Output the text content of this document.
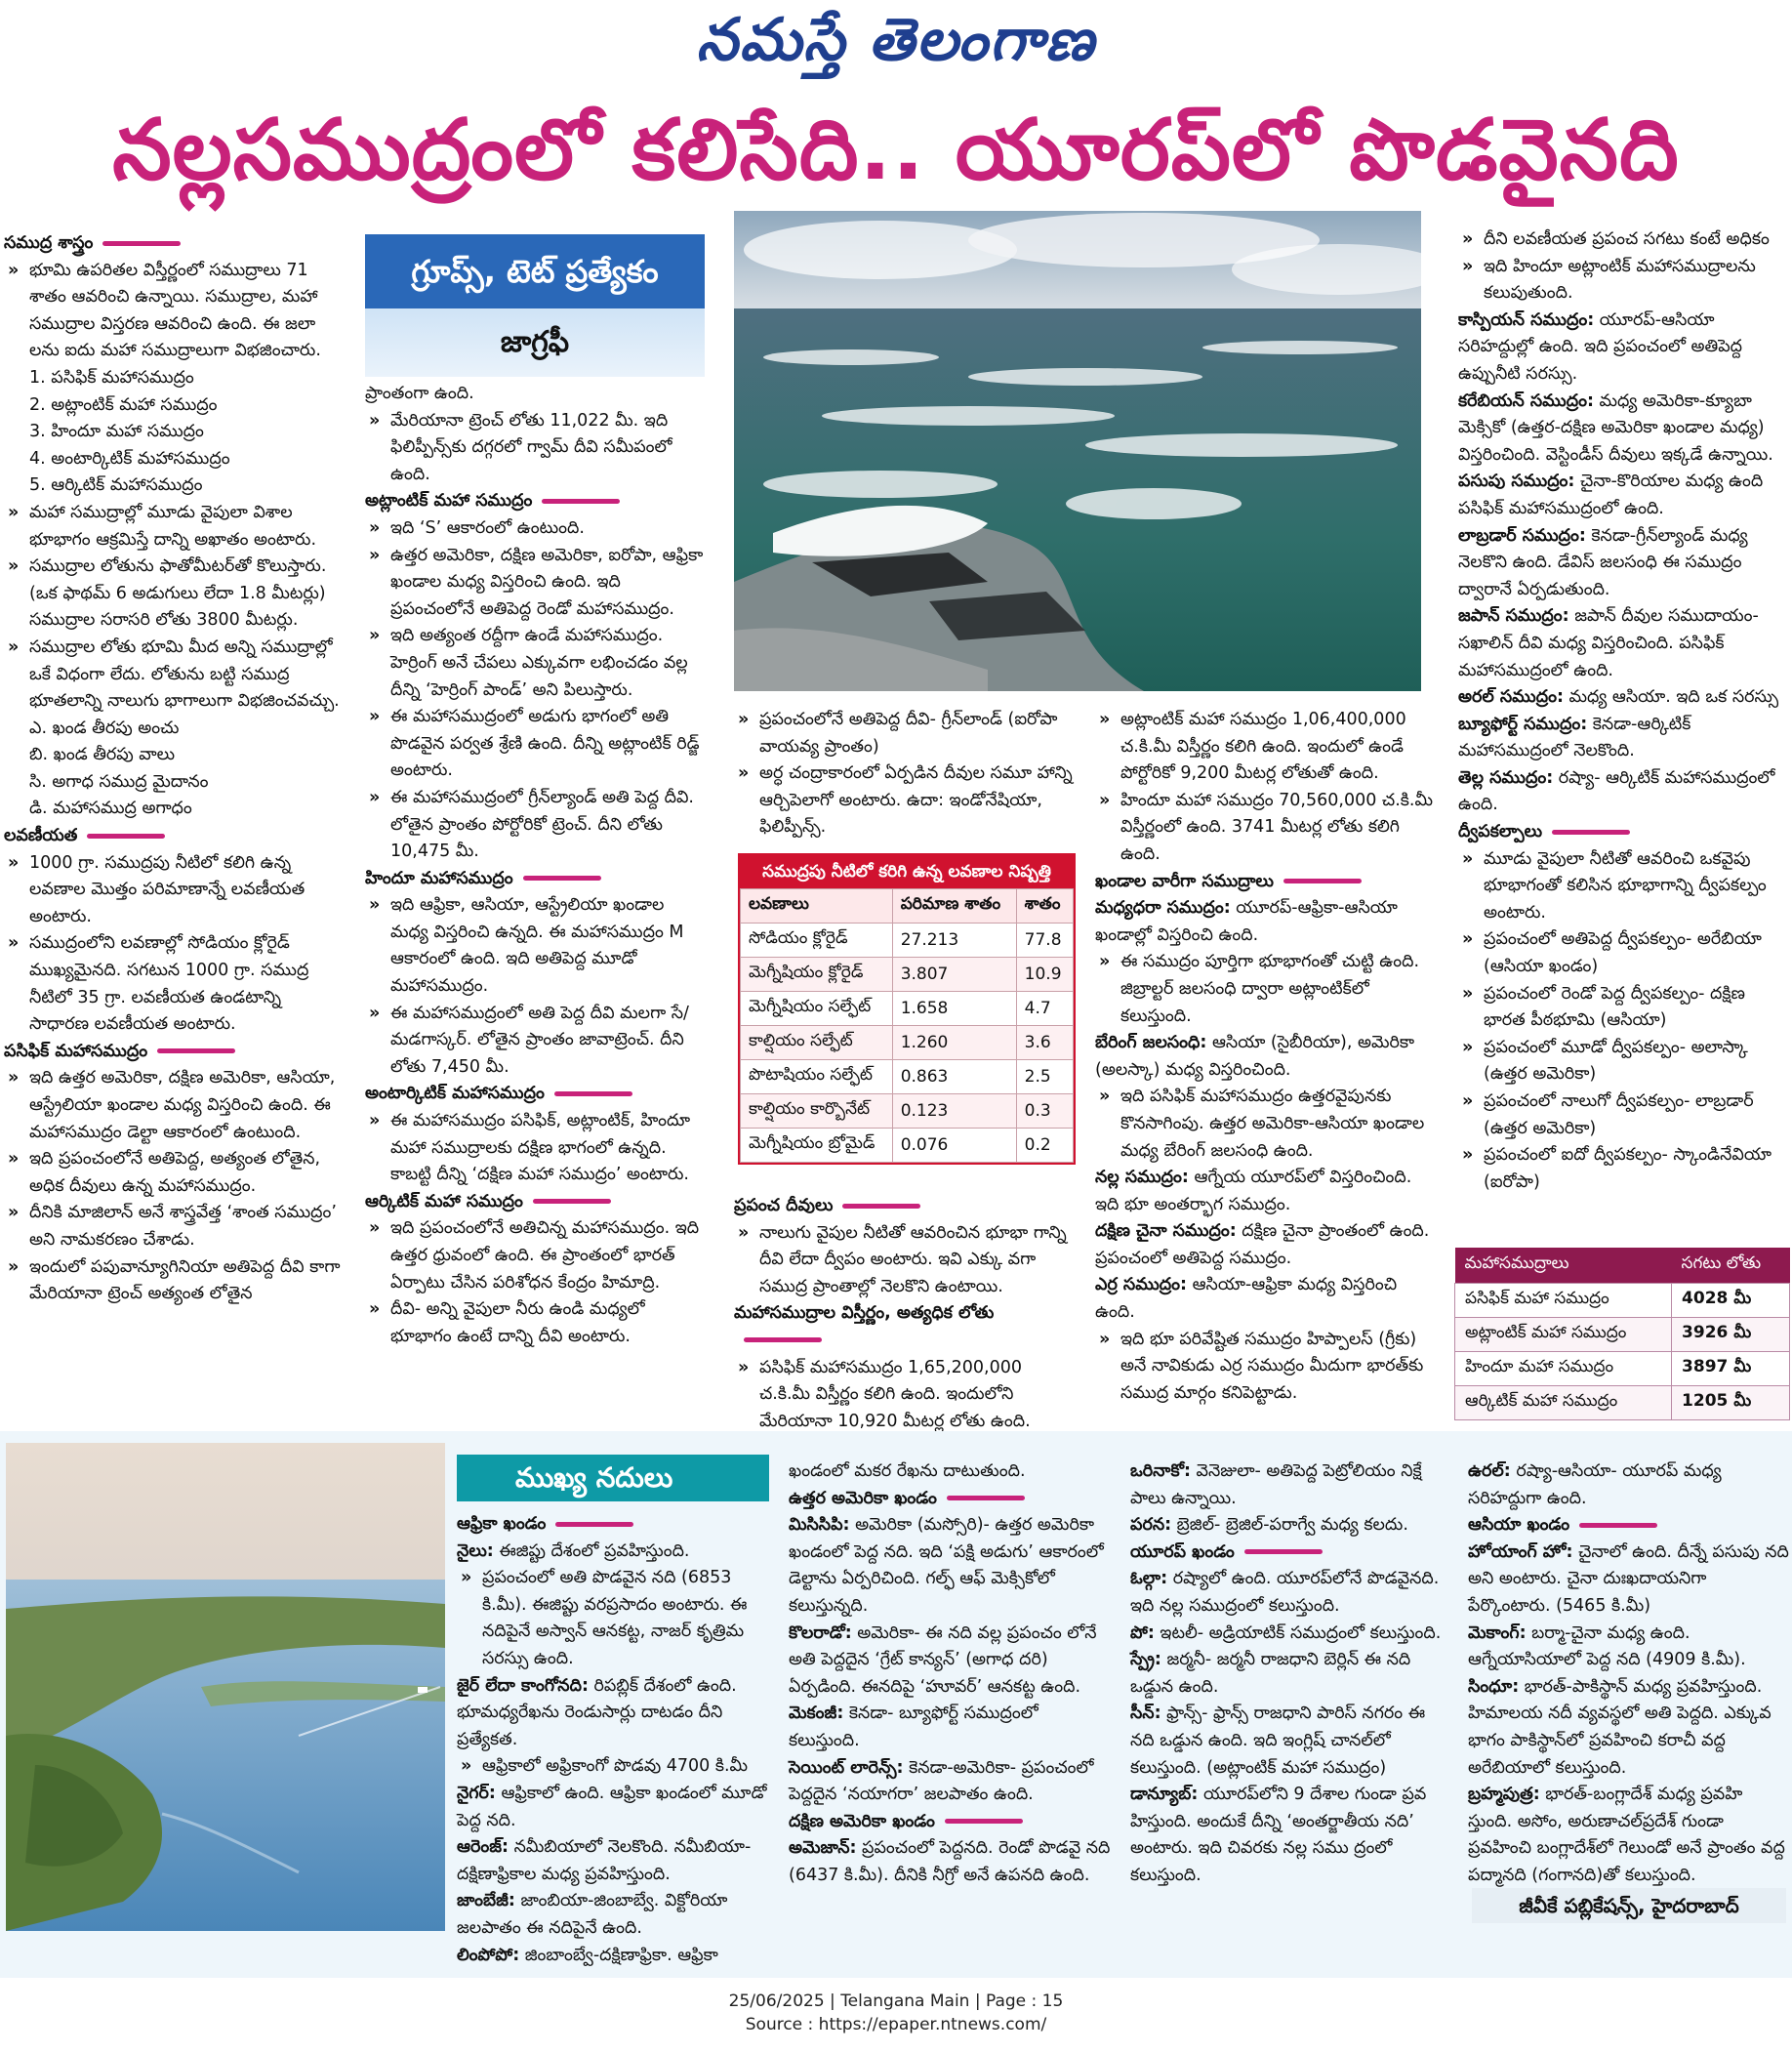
నమస్తే తెలంగాణ
నల్లసముద్రంలో కలిసేది.. యూరప్‌లో పొడవైనది
సముద్ర శాస్త్రం
» భూమి ఉపరితల విస్తీర్ణంలో సముద్రాలు 71 శాతం ఆవరించి ఉన్నాయి. సముద్రాల, మహా సముద్రాల విస్తరణ ఆవరించి ఉంది. ఈ జలా లను ఐదు మహా సముద్రాలుగా విభజించారు.
1. పసిఫిక్ మహాసముద్రం
2. అట్లాంటిక్ మహా సముద్రం
3. హిందూ మహా సముద్రం
4. అంటార్కిటిక్ మహాసముద్రం
5. ఆర్కిటిక్ మహాసముద్రం
» మహా సముద్రాల్లో మూడు వైపులా విశాల భూభాగం ఆక్రమిస్తే దాన్ని అఖాతం అంటారు.
» సముద్రాల లోతును ఫాతోమీటర్‌తో కొలుస్తారు. (ఒక ఫాథమ్ 6 అడుగులు లేదా 1.8 మీటర్లు) సముద్రాల సరాసరి లోతు 3800 మీటర్లు.
» సముద్రాల లోతు భూమి మీద అన్ని సముద్రాల్లో ఒకే విధంగా లేదు. లోతును బట్టి సముద్ర భూతలాన్ని నాలుగు భాగాలుగా విభజించవచ్చు.
ఎ. ఖండ తీరపు అంచు
బి. ఖండ తీరపు వాలు
సి. అగాధ సముద్ర మైదానం
డి. మహాసముద్ర అగాధం
లవణీయత
» 1000 గ్రా. సముద్రపు నీటిలో కలిగి ఉన్న లవణాల మొత్తం పరిమాణాన్నే లవణీయత అంటారు.
» సముద్రంలోని లవణాల్లో సోడియం క్లోరైడ్ ముఖ్యమైనది. సగటున 1000 గ్రా. సముద్ర నీటిలో 35 గ్రా. లవణీయత ఉండటాన్ని సాధారణ లవణీయత అంటారు.
పసిఫిక్ మహాసముద్రం
» ఇది ఉత్తర అమెరికా, దక్షిణ అమెరికా, ఆసియా, ఆస్ట్రేలియా ఖండాల మధ్య విస్తరించి ఉంది. ఈ మహాసముద్రం డెల్టా ఆకారంలో ఉంటుంది.
» ఇది ప్రపంచంలోనే అతిపెద్ద, అత్యంత లోతైన, అధిక దీవులు ఉన్న మహాసముద్రం.
» దీనికి మాజిలాన్ అనే శాస్త్రవేత్త ‘శాంత సముద్రం’ అని నామకరణం చేశాడు.
» ఇందులో పపువాన్యూగినియా అతిపెద్ద దీవి కాగా మేరియానా ట్రెంచ్ అత్యంత లోతైన
గ్రూప్స్, టెట్ ప్రత్యేకం
జాగ్రఫీ
ప్రాంతంగా ఉంది.
» మేరియానా ట్రెంచ్ లోతు 11,022 మీ. ఇది ఫిలిప్పీన్స్‌కు దగ్గరలో గ్వామ్ దీవి సమీపంలో ఉంది.
అట్లాంటిక్ మహా సముద్రం
» ఇది ‘S’ ఆకారంలో ఉంటుంది.
» ఉత్తర అమెరికా, దక్షిణ అమెరికా, ఐరోపా, ఆఫ్రికా ఖండాల మధ్య విస్తరించి ఉంది. ఇది ప్రపంచంలోనే అతిపెద్ద రెండో మహాసముద్రం.
» ఇది అత్యంత రద్దీగా ఉండే మహాసముద్రం. హెర్రింగ్ అనే చేపలు ఎక్కువగా లభించడం వల్ల దీన్ని ‘హెర్రింగ్ పాండ్’ అని పిలుస్తారు.
» ఈ మహాసముద్రంలో అడుగు భాగంలో అతి పొడవైన పర్వత శ్రేణి ఉంది. దీన్ని అట్లాంటిక్ రిడ్జ్ అంటారు.
» ఈ మహాసముద్రంలో గ్రీన్‌ల్యాండ్ అతి పెద్ద దీవి. లోతైన ప్రాంతం పోర్టోరికో ట్రెంచ్. దీని లోతు 10,475 మీ.
హిందూ మహాసముద్రం
» ఇది ఆఫ్రికా, ఆసియా, ఆస్ట్రేలియా ఖండాల మధ్య విస్తరించి ఉన్నది. ఈ మహాసముద్రం M ఆకారంలో ఉంది. ఇది అతిపెద్ద మూడో మహాసముద్రం.
» ఈ మహాసముద్రంలో అతి పెద్ద దీవి మలగా సే/మడగాస్కర్. లోతైన ప్రాంతం జావాట్రెంచ్. దీని లోతు 7,450 మీ.
అంటార్కిటిక్ మహాసముద్రం
» ఈ మహాసముద్రం పసిఫిక్, అట్లాంటిక్, హిందూ మహా సముద్రాలకు దక్షిణ భాగంలో ఉన్నది. కాబట్టి దీన్ని ‘దక్షిణ మహా సముద్రం’ అంటారు.
ఆర్కిటిక్ మహా సముద్రం
» ఇది ప్రపంచంలోనే అతిచిన్న మహాసముద్రం. ఇది ఉత్తర ధ్రువంలో ఉంది. ఈ ప్రాంతంలో భారత్ ఏర్పాటు చేసిన పరిశోధన కేంద్రం హిమాద్రి.
» దీవి- అన్ని వైపులా నీరు ఉండి మధ్యలో భూభాగం ఉంటే దాన్ని దీవి అంటారు.
» ప్రపంచంలోనే అతిపెద్ద దీవి- గ్రీన్‌లాండ్ (ఐరోపా వాయవ్య ప్రాంతం)
» అర్ధ చంద్రాకారంలో ఏర్పడిన దీవుల సమూ హాన్ని ఆర్చిపెలాగో అంటారు. ఉదా: ఇండోనేషియా, ఫిలిప్పీన్స్.
సముద్రపు నీటిలో కరిగి ఉన్న లవణాల నిష్పత్తి
లవణాలు	పరిమాణ శాతం	శాతం
సోడియం క్లోరైడ్	27.213	77.8
మెగ్నీషియం క్లోరైడ్	3.807	10.9
మెగ్నీషియం సల్ఫేట్	1.658	4.7
కాల్షియం సల్ఫేట్	1.260	3.6
పొటాషియం సల్ఫేట్	0.863	2.5
కాల్షియం కార్బొనేట్	0.123	0.3
మెగ్నీషియం బ్రోమైడ్	0.076	0.2
ప్రపంచ దీవులు
» నాలుగు వైపుల నీటితో ఆవరించిన భూభా గాన్ని దీవి లేదా ద్వీపం అంటారు. ఇవి ఎక్కు వగా సముద్ర ప్రాంతాల్లో నెలకొని ఉంటాయి.
మహాసముద్రాల విస్తీర్ణం, అత్యధిక లోతు
» పసిఫిక్ మహాసముద్రం 1,65,200,000 చ.కి.మీ విస్తీర్ణం కలిగి ఉంది. ఇందులోని మేరియానా 10,920 మీటర్ల లోతు ఉంది.
» అట్లాంటిక్ మహా సముద్రం 1,06,400,000 చ.కి.మీ విస్తీర్ణం కలిగి ఉంది. ఇందులో ఉండే పోర్టోరికో 9,200 మీటర్ల లోతుతో ఉంది.
» హిందూ మహా సముద్రం 70,560,000 చ.కి.మీ విస్తీర్ణంలో ఉంది. 3741 మీటర్ల లోతు కలిగి ఉంది.
ఖండాల వారీగా సముద్రాలు
మధ్యధరా సముద్రం: యూరప్-ఆఫ్రికా-ఆసియా ఖండాల్లో విస్తరించి ఉంది.
» ఈ సముద్రం పూర్తిగా భూభాగంతో చుట్టి ఉంది. జిబ్రాల్టర్ జలసంధి ద్వారా అట్లాంటిక్‌లో కలుస్తుంది.
బేరింగ్ జలసంధి: ఆసియా (సైబీరియా), అమెరికా (అలస్కా) మధ్య విస్తరించింది.
» ఇది పసిఫిక్ మహాసముద్రం ఉత్తరవైపునకు కొనసాగింపు. ఉత్తర అమెరికా-ఆసియా ఖండాల మధ్య బేరింగ్ జలసంధి ఉంది.
నల్ల సముద్రం: ఆగ్నేయ యూరప్‌లో విస్తరించింది. ఇది భూ అంతర్భాగ సముద్రం.
దక్షిణ చైనా సముద్రం: దక్షిణ చైనా ప్రాంతంలో ఉంది. ప్రపంచంలో అతిపెద్ద సముద్రం.
ఎర్ర సముద్రం: ఆసియా-ఆఫ్రికా మధ్య విస్తరించి ఉంది.
» ఇది భూ పరివేష్టిత సముద్రం హిప్పాలస్ (గ్రీకు) అనే నావికుడు ఎర్ర సముద్రం మీదుగా భారత్‌కు సముద్ర మార్గం కనిపెట్టాడు.
» దీని లవణీయత ప్రపంచ సగటు కంటే అధికం
» ఇది హిందూ అట్లాంటిక్ మహాసముద్రాలను కలుపుతుంది.
కాస్పియన్ సముద్రం: యూరప్-ఆసియా సరిహద్దుల్లో ఉంది. ఇది ప్రపంచంలో అతిపెద్ద ఉప్పునీటి సరస్సు.
కరేబియన్ సముద్రం: మధ్య అమెరికా-క్యూబా మెక్సికో (ఉత్తర-దక్షిణ అమెరికా ఖండాల మధ్య) విస్తరించింది. వెస్టిండీస్ దీవులు ఇక్కడే ఉన్నాయి.
పసుపు సముద్రం: చైనా-కొరియాల మధ్య ఉంది పసిఫిక్ మహాసముద్రంలో ఉంది.
లాబ్రడార్ సముద్రం: కెనడా-గ్రీన్‌ల్యాండ్ మధ్య నెలకొని ఉంది. డేవిస్ జలసంధి ఈ సముద్రం ద్వారానే ఏర్పడుతుంది.
జపాన్ సముద్రం: జపాన్ దీవుల సముదాయం-సఖాలిన్ దీవి మధ్య విస్తరించింది. పసిఫిక్ మహాసముద్రంలో ఉంది.
అరల్ సముద్రం: మధ్య ఆసియా. ఇది ఒక సరస్సు
బ్యూఫోర్ట్ సముద్రం: కెనడా-ఆర్కిటిక్ మహాసముద్రంలో నెలకొంది.
తెల్ల సముద్రం: రష్యా- ఆర్కిటిక్ మహాసముద్రంలో ఉంది.
ద్వీపకల్పాలు
» మూడు వైపులా నీటితో ఆవరించి ఒకవైపు భూభాగంతో కలిసిన భూభాగాన్ని ద్వీపకల్పం అంటారు.
» ప్రపంచంలో అతిపెద్ద ద్వీపకల్పం- అరేబియా (ఆసియా ఖండం)
» ప్రపంచంలో రెండో పెద్ద ద్వీపకల్పం- దక్షిణ భారత పీఠభూమి (ఆసియా)
» ప్రపంచంలో మూడో ద్వీపకల్పం- అలాస్కా (ఉత్తర అమెరికా)
» ప్రపంచంలో నాలుగో ద్వీపకల్పం- లాబ్రడార్ (ఉత్తర అమెరికా)
» ప్రపంచంలో ఐదో ద్వీపకల్పం- స్కాండినేవియా (ఐరోపా)
మహాసముద్రాలు	సగటు లోతు
పసిఫిక్ మహా సముద్రం	4028 మీ
అట్లాంటిక్ మహా సముద్రం	3926 మీ
హిందూ మహా సముద్రం	3897 మీ
ఆర్కిటిక్ మహా సముద్రం	1205 మీ
ముఖ్య నదులు
ఆఫ్రికా ఖండం
నైలు: ఈజిప్టు దేశంలో ప్రవహిస్తుంది.
» ప్రపంచంలో అతి పొడవైన నది (6853 కి.మీ). ఈజిప్టు వరప్రసాదం అంటారు. ఈ నదిపైనే అస్వాన్ ఆనకట్ట, నాజర్ కృత్రిమ సరస్సు ఉంది.
జైర్ లేదా కాంగోనది: రిపబ్లిక్ దేశంలో ఉంది. భూమధ్యరేఖను రెండుసార్లు దాటడం దీని ప్రత్యేకత.
» ఆఫ్రికాలో అఫ్రికాంగో పొడవు 4700 కి.మీ
నైగర్: ఆఫ్రికాలో ఉంది. ఆఫ్రికా ఖండంలో మూడో పెద్ద నది.
ఆరెంజ్: నమీబియాలో నెలకొంది. నమీబియా-దక్షిణాఫ్రికాల మధ్య ప్రవహిస్తుంది.
జాంబేజీ: జాంబియా-జింబాబ్వే. విక్టోరియా జలపాతం ఈ నదిపైనే ఉంది.
లింపోపో: జింబాంబ్వే-దక్షిణాఫ్రికా. ఆఫ్రికా
ఖండంలో మకర రేఖను దాటుతుంది.
ఉత్తర అమెరికా ఖండం
మిసిసిపి: అమెరికా (మస్సోరి)- ఉత్తర అమెరికా ఖండంలో పెద్ద నది. ఇది ‘పక్షి అడుగు’ ఆకారంలో డెల్టాను ఏర్పరిచింది. గల్ఫ్ ఆఫ్ మెక్సికోలో కలుస్తున్నది.
కొలరాడో: అమెరికా- ఈ నది వల్ల ప్రపంచం లోనే అతి పెద్దదైన ‘గ్రేట్ కాన్యన్’ (అగాధ దరి) ఏర్పడింది. ఈనదిపై ‘హూవర్’ ఆనకట్ట ఉంది.
మెకంజీ: కెనడా- బ్యూఫోర్ట్ సముద్రంలో కలుస్తుంది.
సెయింట్ లారెన్స్: కెనడా-అమెరికా- ప్రపంచంలో పెద్దదైన ‘నయాగరా’ జలపాతం ఉంది.
దక్షిణ అమెరికా ఖండం
అమెజాన్: ప్రపంచంలో పెద్దనది. రెండో పొడవై నది (6437 కి.మీ). దీనికి నీగ్రో అనే ఉపనది ఉంది.
ఒరినాకో: వెనెజులా- అతిపెద్ద పెట్రోలియం నిక్షే పాలు ఉన్నాయి.
పరన: బ్రెజిల్- బ్రెజిల్-పరాగ్వే మధ్య కలదు.
యూరప్ ఖండం
ఓల్గా: రష్యాలో ఉంది. యూరప్‌లోనే పొడవైనది. ఇది నల్ల సముద్రంలో కలుస్తుంది.
పో: ఇటలీ- అడ్రియాటిక్ సముద్రంలో కలుస్తుంది.
స్ప్రే: జర్మనీ- జర్మనీ రాజధాని బెర్లిన్ ఈ నది ఒడ్డున ఉంది.
సీన్: ఫ్రాన్స్- ఫ్రాన్స్ రాజధాని పారిస్ నగరం ఈ నది ఒడ్డున ఉంది. ఇది ఇంగ్లిష్ చానల్‌లో కలుస్తుంది. (అట్లాంటిక్ మహా సముద్రం)
డాన్యూబ్: యూరప్‌లోని 9 దేశాల గుండా ప్రవ హిస్తుంది. అందుకే దీన్ని ‘అంతర్జాతీయ నది’ అంటారు. ఇది చివరకు నల్ల సము ద్రంలో కలుస్తుంది.
ఉరల్: రష్యా-ఆసియా- యూరప్ మధ్య సరిహద్దుగా ఉంది.
ఆసియా ఖండం
హోయాంగ్ హో: చైనాలో ఉంది. దీన్నే పసుపు నది అని అంటారు. చైనా దుఃఖదాయనిగా పేర్కొంటారు. (5465 కి.మీ)
మెకాంగ్: బర్మా-చైనా మధ్య ఉంది. ఆగ్నేయాసియాలో పెద్ద నది (4909 కి.మీ).
సింధూ: భారత్-పాకిస్థాన్ మధ్య ప్రవహిస్తుంది. హిమాలయ నదీ వ్యవస్థలో అతి పెద్దది. ఎక్కువ భాగం పాకిస్థాన్‌లో ప్రవహించి కరాచీ వద్ద అరేబియాలో కలుస్తుంది.
బ్రహ్మపుత్ర: భారత్-బంగ్లాదేశ్ మధ్య ప్రవహి స్తుంది. అసోం, అరుణాచల్‌ప్రదేశ్ గుండా ప్రవహించి బంగ్లాదేశ్‌లో గెలుండో అనే ప్రాంతం వద్ద పద్మానది (గంగానది)తో కలుస్తుంది.
జీవీకే పబ్లికేషన్స్, హైదరాబాద్
25/06/2025 | Telangana Main | Page : 15
Source : https://epaper.ntnews.com/
